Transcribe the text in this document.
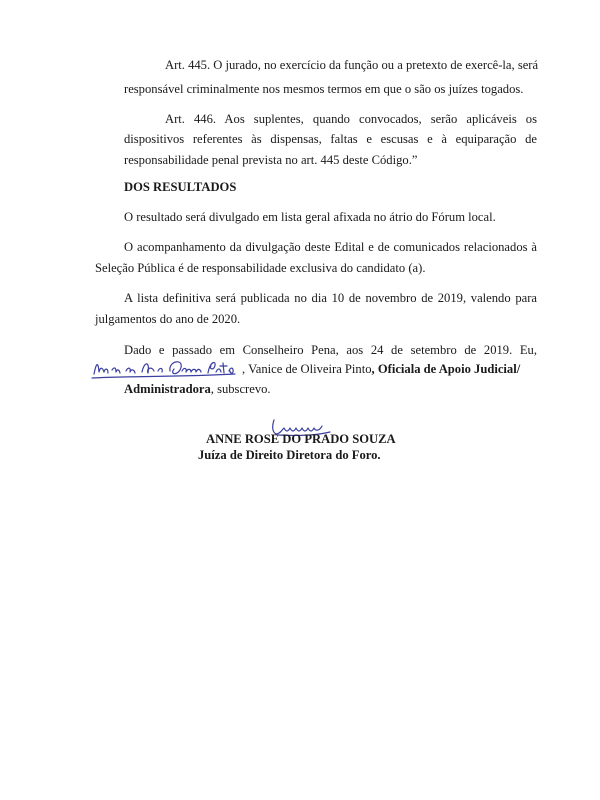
Art. 445. O jurado, no exercício da função ou a pretexto de exercê-la, será
responsável criminalmente nos mesmos termos em que o são os juízes togados.
Art. 446. Aos suplentes, quando convocados, serão aplicáveis os
dispositivos referentes às dispensas, faltas e escusas e à equiparação de
responsabilidade penal prevista no art. 445 deste Código.”
DOS RESULTADOS
O resultado será divulgado em lista geral afixada no átrio do Fórum local.
O acompanhamento da divulgação deste Edital e de comunicados relacionados à
Seleção Pública é de responsabilidade exclusiva do candidato (a).
A lista definitiva será publicada no dia 10 de novembro de 2019, valendo para
julgamentos do ano de 2020.
Dado e passado em Conselheiro Pena, aos 24 de setembro de 2019. Eu,
, Vanice de Oliveira Pinto, Oficiala de Apoio Judicial/
Administradora, subscrevo.
ANNE ROSE DO PRADO SOUZA
Juíza de Direito Diretora do Foro.
